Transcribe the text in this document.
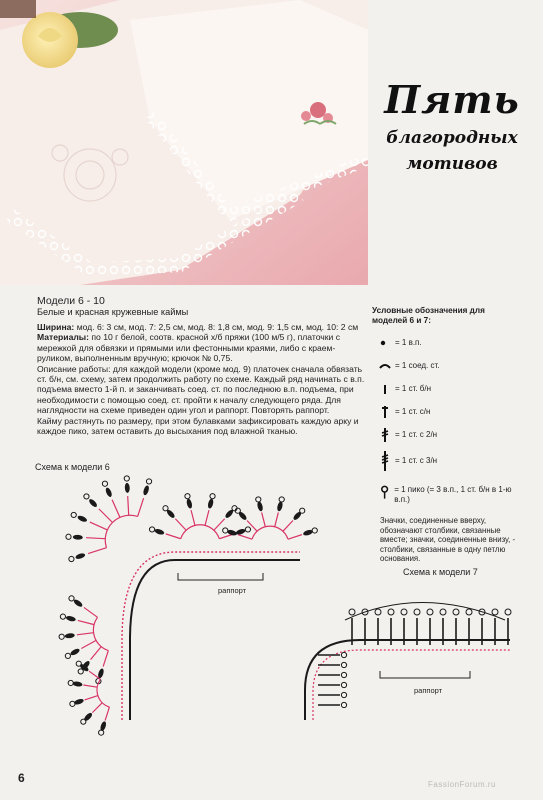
Пять
благородных
мотивов
Модели 6 - 10
Белые и красная кружевные каймы

Ширина: мод. 6: 3 см, мод. 7: 2,5 см, мод. 8: 1,8 см, мод. 9: 1,5 см, мод. 10: 2 см

Материалы: по 10 г белой, соотв. красной х/б пряжи (100 м/5 г), платочки с мережкой для обвязки и прямыми или фестонными краями, либо с краем-руликом, выполненным вручную; крючок № 0,75.

Описание работы: для каждой модели (кроме мод. 9) платочек сначала обвязать ст. б/н, см. схему, затем продолжить работу по схеме. Каждый ряд начинать с в.п. подъема вместо 1-й п. и заканчивать соед. ст. по последнюю в.п. подъема, при необходимости с помощью соед. ст. пройти к началу следующего ряда. Для наглядности на схеме приведен один угол и раппорт. Повторять раппорт.

Кайму растянуть по размеру, при этом булавками зафиксировать каждую арку и каждое пико, затем оставить до высыхания под влажной тканью.

Условные обозначения для моделей 6 и 7:
= 1 в.п.
= 1 соед. ст.
= 1 ст. б/н
= 1 ст. с/н
= 1 ст. с 2/н
= 1 ст. с 3/н
= 1 пико (= 3 в.п., 1 ст. б/н в 1-ю в.п.)
Значки, соединенные вверху, обозначают столбики, связанные вместе; значки, соединенные внизу, - столбики, связанные в одну петлю основания.
Схема к модели 6
Схема к модели 7
раппорт
раппорт
6	FassionForum.ru
